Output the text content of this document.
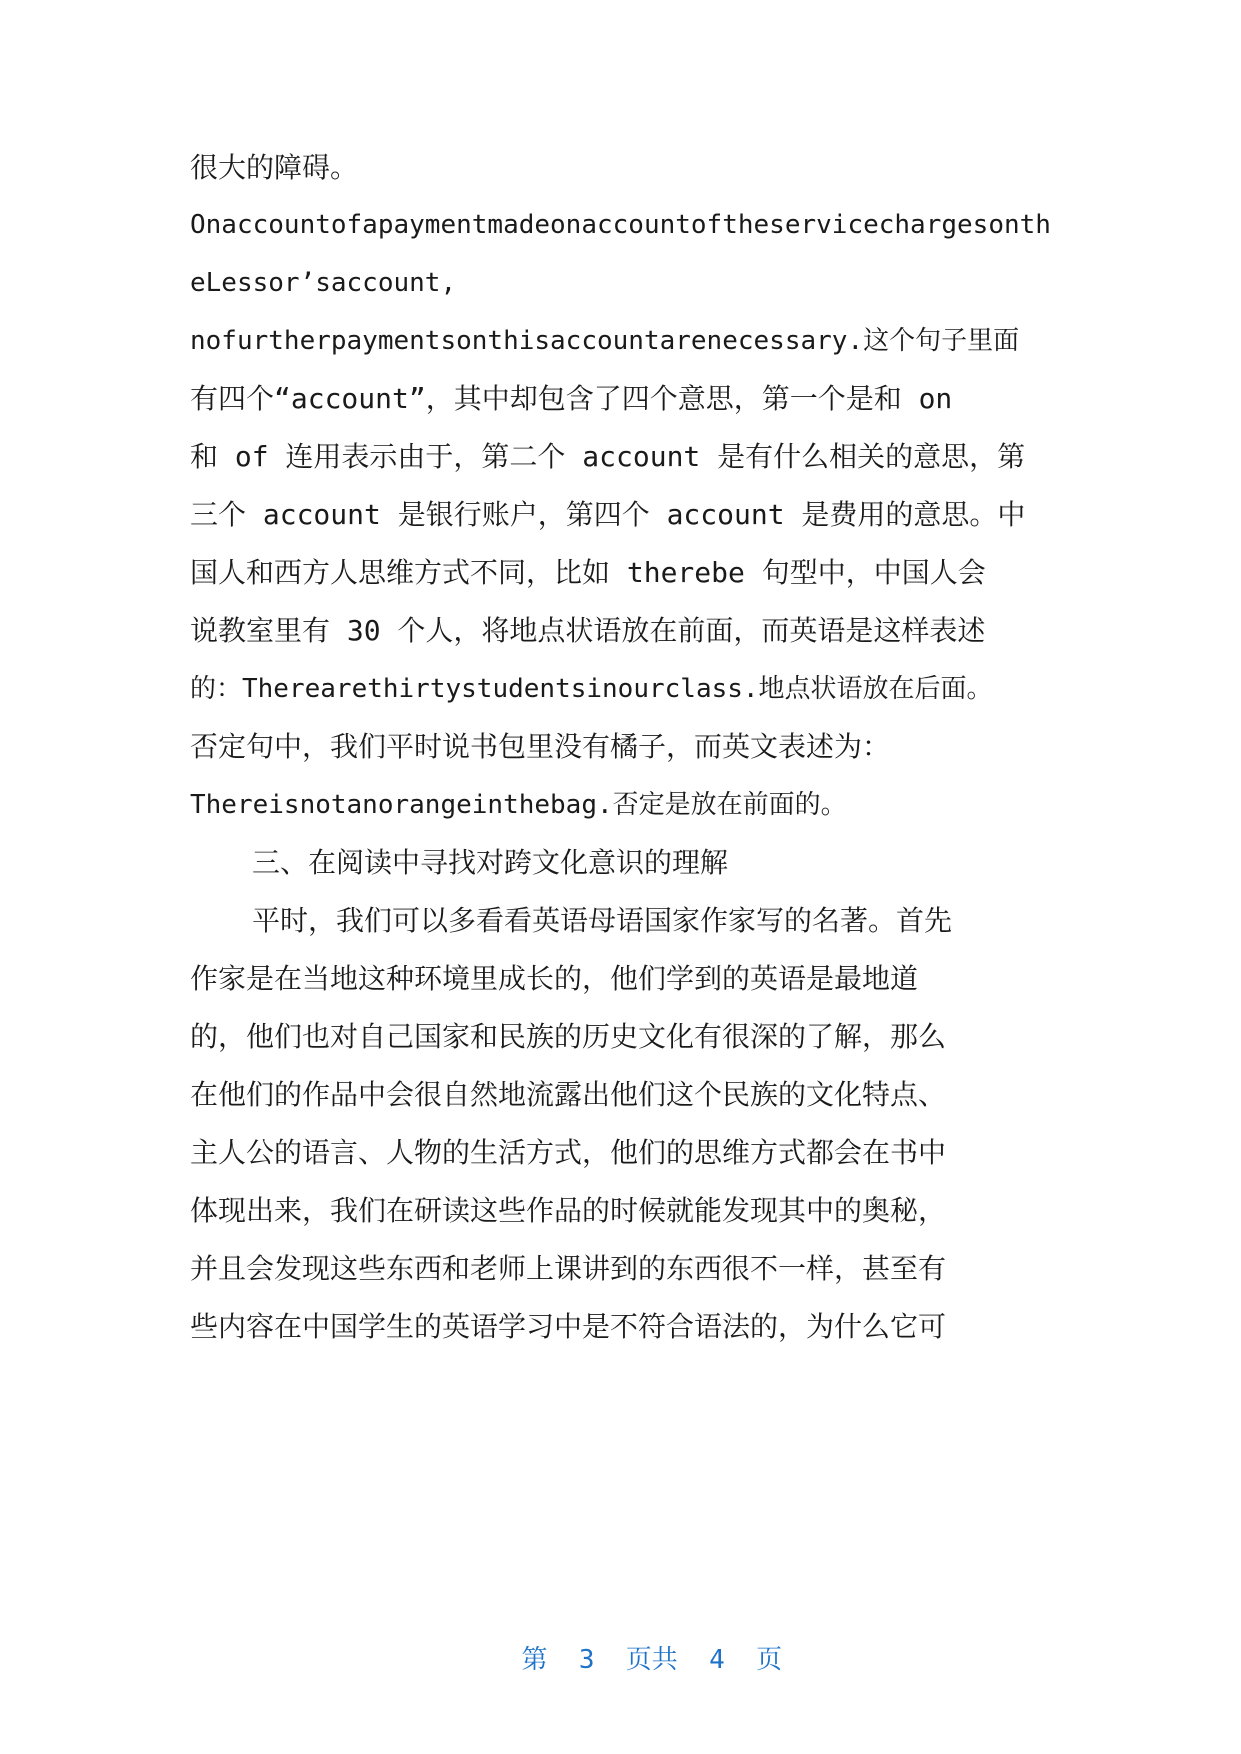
很大的障碍。
Onaccountofapaymentmadeonaccountoftheservicechargesonth
eLessor’saccount,
nofurtherpaymentsonthisaccountarenecessary.这个句子里面
有四个“account”，其中却包含了四个意思，第一个是和 on
和 of 连用表示由于，第二个 account 是有什么相关的意思，第
三个 account 是银行账户，第四个 account 是费用的意思。中
国人和西方人思维方式不同，比如 therebe 句型中，中国人会
说教室里有 30 个人，将地点状语放在前面，而英语是这样表述
的：Therearethirtystudentsinourclass.地点状语放在后面。
否定句中，我们平时说书包里没有橘子，而英文表述为：
Thereisnotanorangeinthebag.否定是放在前面的。
三、在阅读中寻找对跨文化意识的理解
平时，我们可以多看看英语母语国家作家写的名著。首先
作家是在当地这种环境里成长的，他们学到的英语是最地道
的，他们也对自己国家和民族的历史文化有很深的了解，那么
在他们的作品中会很自然地流露出他们这个民族的文化特点、
主人公的语言、人物的生活方式，他们的思维方式都会在书中
体现出来，我们在研读这些作品的时候就能发现其中的奥秘，
并且会发现这些东西和老师上课讲到的东西很不一样，甚至有
些内容在中国学生的英语学习中是不符合语法的，为什么它可

第  3  页共  4  页
